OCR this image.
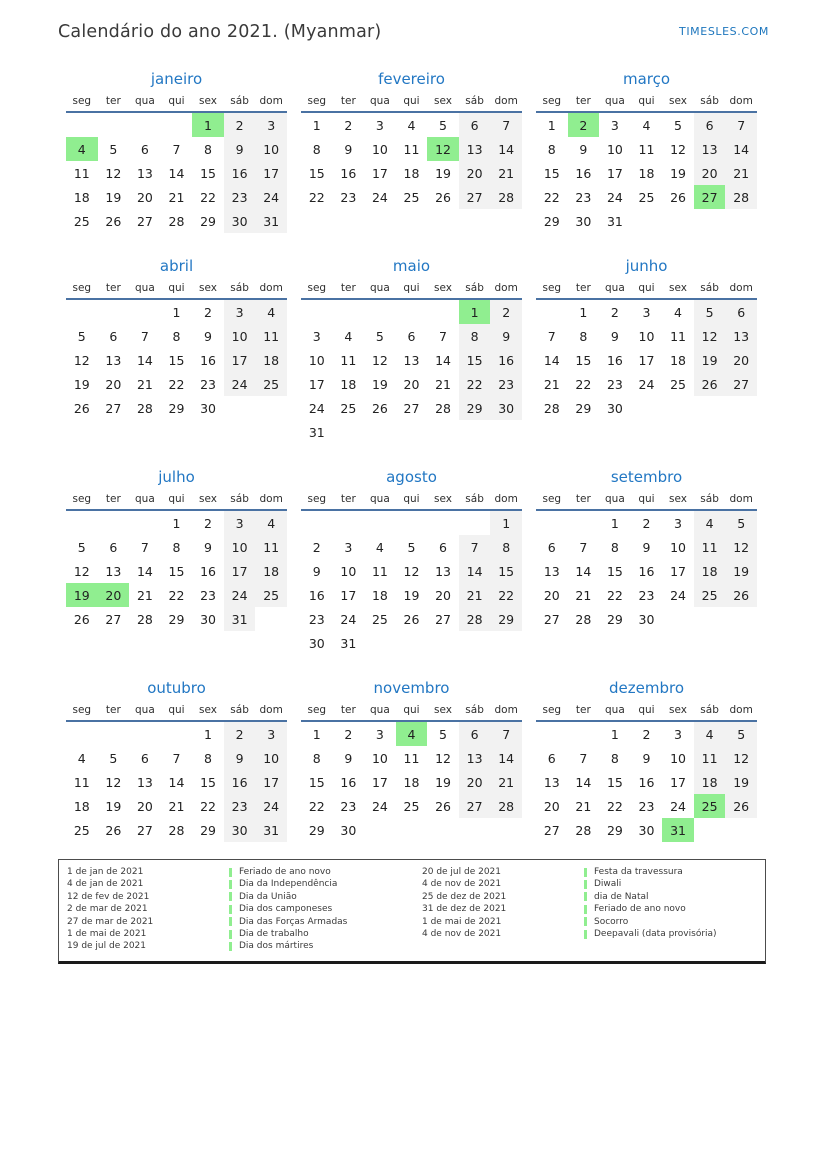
Calendário do ano 2021. (Myanmar)	TIMESLES.COM
janeiro
seg	ter	qua	qui	sex	sáb	dom
				1	2	3
4	5	6	7	8	9	10
11	12	13	14	15	16	17
18	19	20	21	22	23	24
25	26	27	28	29	30	31
fevereiro
seg	ter	qua	qui	sex	sáb	dom
1	2	3	4	5	6	7
8	9	10	11	12	13	14
15	16	17	18	19	20	21
22	23	24	25	26	27	28
março
seg	ter	qua	qui	sex	sáb	dom
1	2	3	4	5	6	7
8	9	10	11	12	13	14
15	16	17	18	19	20	21
22	23	24	25	26	27	28
29	30	31				
abril
seg	ter	qua	qui	sex	sáb	dom
			1	2	3	4
5	6	7	8	9	10	11
12	13	14	15	16	17	18
19	20	21	22	23	24	25
26	27	28	29	30		
maio
seg	ter	qua	qui	sex	sáb	dom
					1	2
3	4	5	6	7	8	9
10	11	12	13	14	15	16
17	18	19	20	21	22	23
24	25	26	27	28	29	30
31						
junho
seg	ter	qua	qui	sex	sáb	dom
	1	2	3	4	5	6
7	8	9	10	11	12	13
14	15	16	17	18	19	20
21	22	23	24	25	26	27
28	29	30				
julho
seg	ter	qua	qui	sex	sáb	dom
			1	2	3	4
5	6	7	8	9	10	11
12	13	14	15	16	17	18
19	20	21	22	23	24	25
26	27	28	29	30	31	
agosto
seg	ter	qua	qui	sex	sáb	dom
						1
2	3	4	5	6	7	8
9	10	11	12	13	14	15
16	17	18	19	20	21	22
23	24	25	26	27	28	29
30	31					
setembro
seg	ter	qua	qui	sex	sáb	dom
		1	2	3	4	5
6	7	8	9	10	11	12
13	14	15	16	17	18	19
20	21	22	23	24	25	26
27	28	29	30			
outubro
seg	ter	qua	qui	sex	sáb	dom
				1	2	3
4	5	6	7	8	9	10
11	12	13	14	15	16	17
18	19	20	21	22	23	24
25	26	27	28	29	30	31
novembro
seg	ter	qua	qui	sex	sáb	dom
1	2	3	4	5	6	7
8	9	10	11	12	13	14
15	16	17	18	19	20	21
22	23	24	25	26	27	28
29	30					
dezembro
seg	ter	qua	qui	sex	sáb	dom
		1	2	3	4	5
6	7	8	9	10	11	12
13	14	15	16	17	18	19
20	21	22	23	24	25	26
27	28	29	30	31		
1 de jan de 2021	Feriado de ano novo
4 de jan de 2021	Dia da Independência
12 de fev de 2021	Dia da União
2 de mar de 2021	Dia dos camponeses
27 de mar de 2021	Dia das Forças Armadas
1 de mai de 2021	Dia de trabalho
19 de jul de 2021	Dia dos mártires
20 de jul de 2021	Festa da travessura
4 de nov de 2021	Diwali
25 de dez de 2021	dia de Natal
31 de dez de 2021	Feriado de ano novo
1 de mai de 2021	Socorro
4 de nov de 2021	Deepavali (data provisória)
